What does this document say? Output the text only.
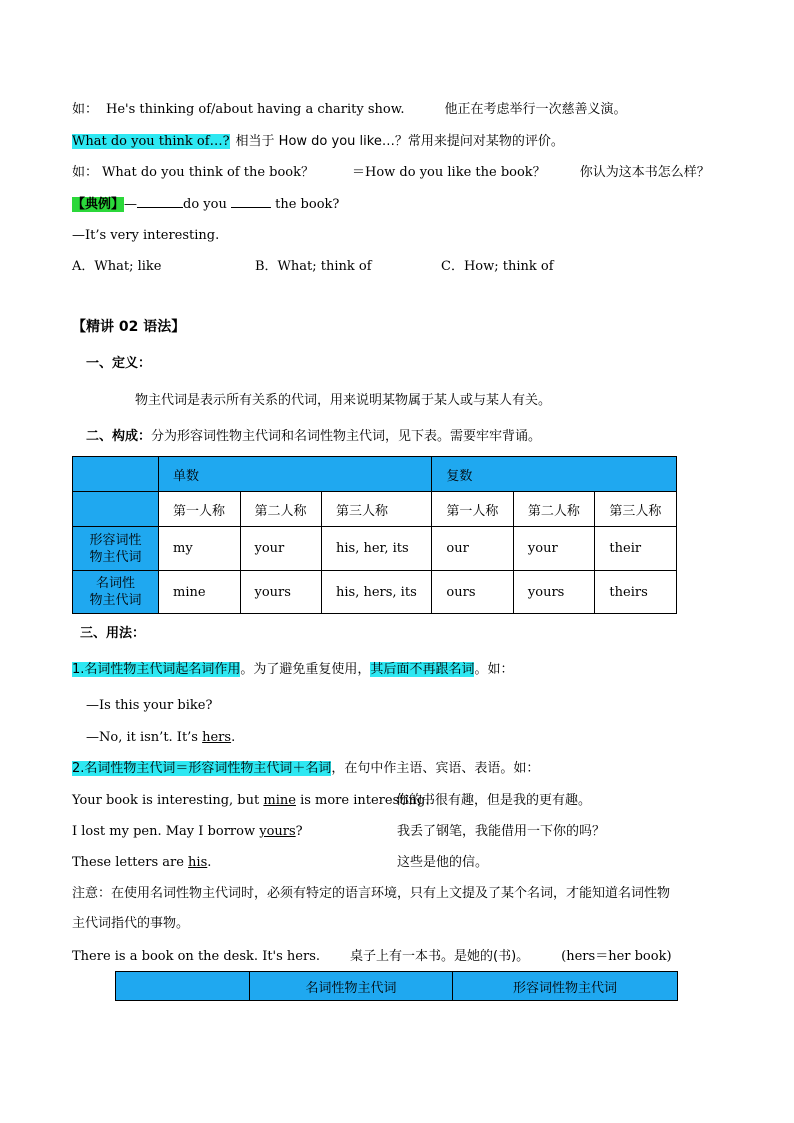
如： He's thinking of/about having a charity show.	他正在考虑举行一次慈善义演。
What do you think of…? 相当于 How do you like…？常用来提问对某物的评价。
如： What do you think of the book？	＝How do you like the book？	你认为这本书怎么样？
【典例】—	do you	the book?
—It’s very interesting.
A．What; like	B．What; think of	C．How; think of
【精讲 02 语法】
一、定义：
物主代词是表示所有关系的代词，用来说明某物属于某人或与某人有关。
二、构成：分为形容词性物主代词和名词性物主代词，见下表。需要牢牢背诵。
	单数			复数		
	第一人称	第二人称	第三人称	第一人称	第二人称	第三人称
形容词性
物主代词	my	your	his, her, its	our	your	their
名词性
物主代词	mine	yours	his, hers, its	ours	yours	theirs
三、用法：
1.名词性物主代词起名词作用。为了避免重复使用，其后面不再跟名词。如：
—Is this your bike?
—No, it isn’t. It’s hers.
2.名词性物主代词＝形容词性物主代词＋名词，在句中作主语、宾语、表语。如：
Your book is interesting, but mine is more interesting.
你的书很有趣，但是我的更有趣。
I lost my pen. May I borrow yours?	我丢了钢笔，我能借用一下你的吗？
These letters are his.	这些是他的信。
注意：在使用名词性物主代词时，必须有特定的语言环境，只有上文提及了某个名词，才能知道名词性物
主代词指代的事物。
There is a book on the desk. It's hers. 桌子上有一本书。是她的(书)。 (hers＝her book)
	名词性物主代词	形容词性物主代词
